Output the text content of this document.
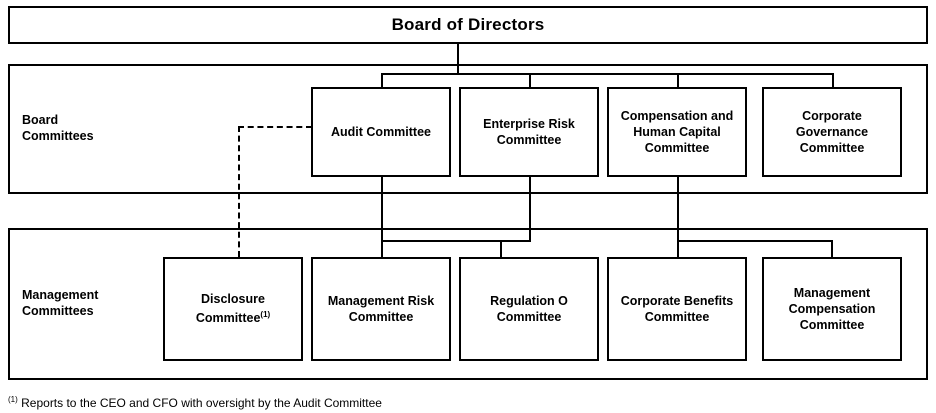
Board of Directors
Board
Committees
Management
Committees
Audit Committee
Enterprise Risk
Committee
Compensation and
Human Capital
Committee
Corporate
Governance
Committee
Disclosure
Committee$^{(1)}$
Management Risk
Committee
Regulation O
Committee
Corporate Benefits
Committee
Management
Compensation
Committee
$^{(1)}$ Reports to the CEO and CFO with oversight by the Audit Committee
